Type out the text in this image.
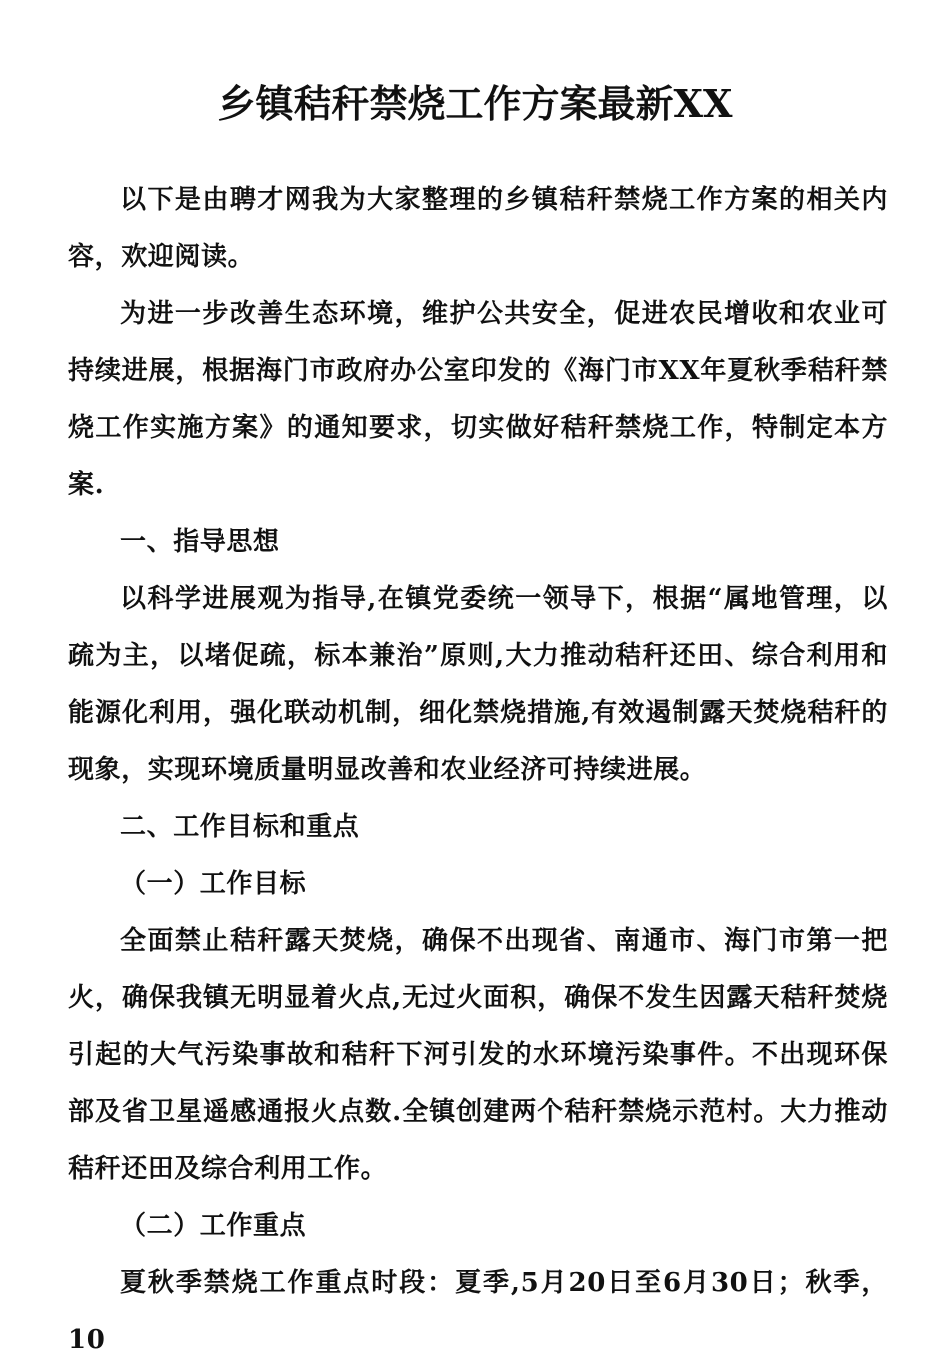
乡镇秸秆禁烧工作方案最新XX

以下是由聘才网我为大家整理的乡镇秸秆禁烧工作方案的相关内容，欢迎阅读。

为进一步改善生态环境，维护公共安全，促进农民增收和农业可持续进展，根据海门市政府办公室印发的《海门市XX年夏秋季秸秆禁烧工作实施方案》的通知要求，切实做好秸秆禁烧工作，特制定本方案.

一、指导思想

以科学进展观为指导,在镇党委统一领导下，根据“属地管理，以疏为主，以堵促疏，标本兼治”原则,大力推动秸秆还田、综合利用和能源化利用，强化联动机制，细化禁烧措施,有效遏制露天焚烧秸秆的现象，实现环境质量明显改善和农业经济可持续进展。

二、工作目标和重点

（一）工作目标

全面禁止秸秆露天焚烧，确保不出现省、南通市、海门市第一把火，确保我镇无明显着火点,无过火面积，确保不发生因露天秸秆焚烧引起的大气污染事故和秸秆下河引发的水环境污染事件。不出现环保部及省卫星遥感通报火点数.全镇创建两个秸秆禁烧示范村。大力推动秸秆还田及综合利用工作。

（二）工作重点

夏秋季禁烧工作重点时段：夏季,5月20日至6月30日；秋季，10
